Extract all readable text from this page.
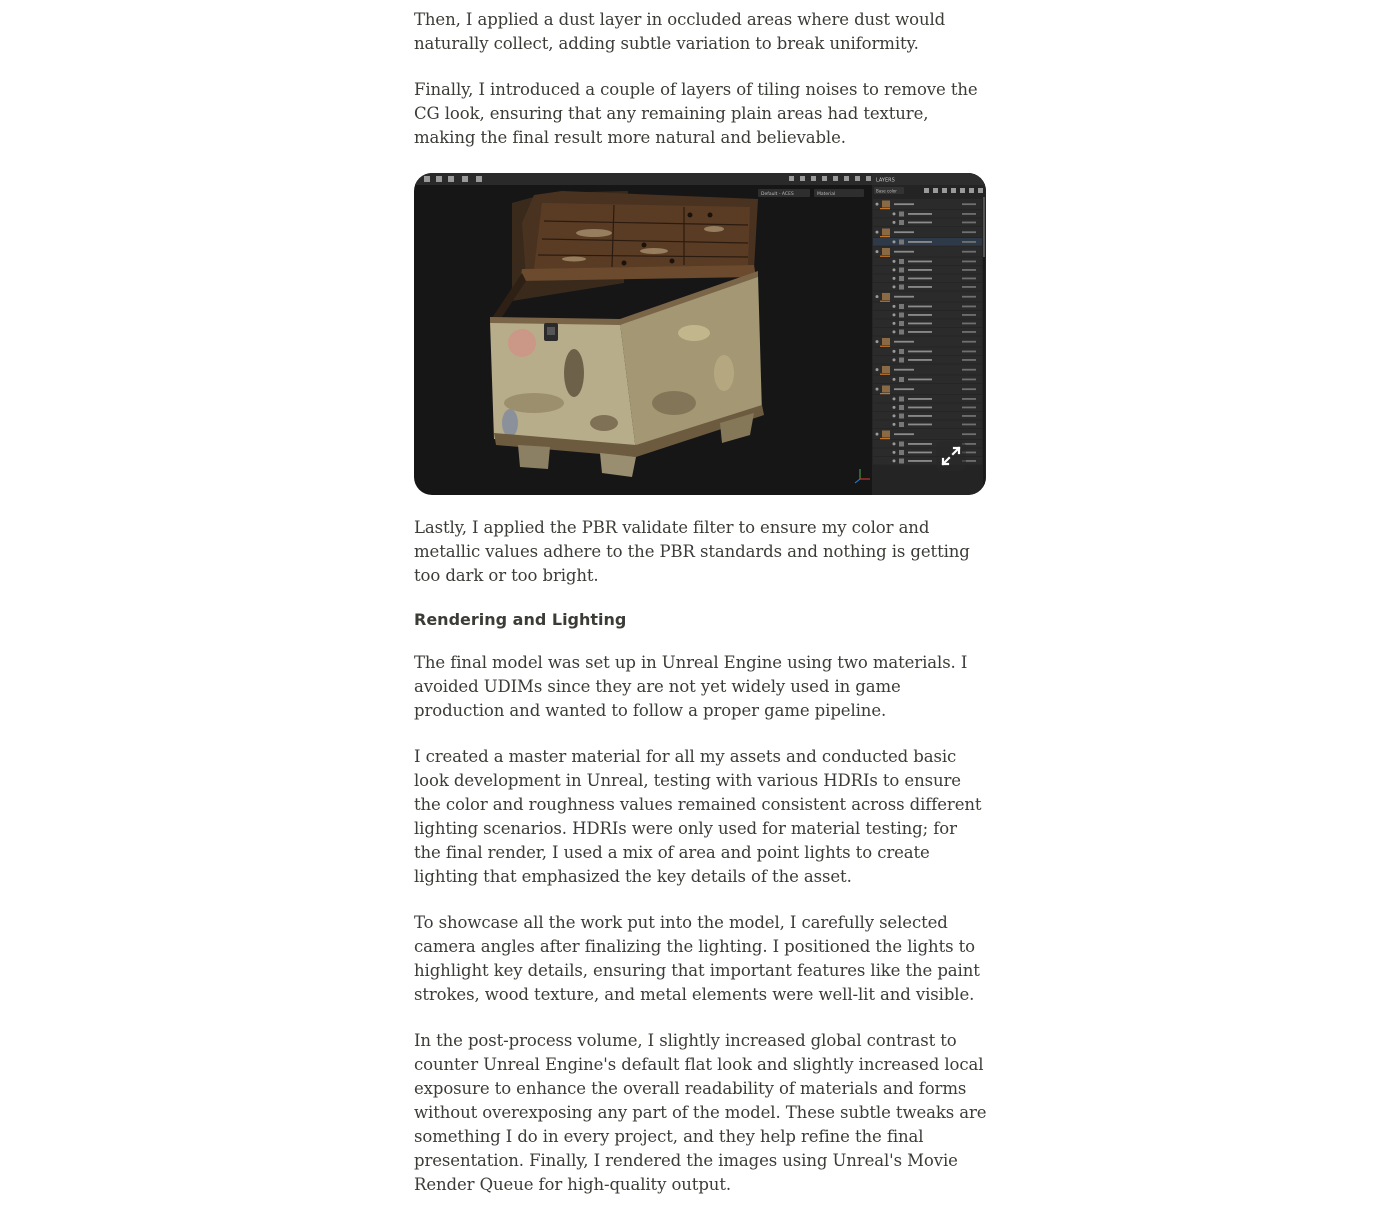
Then, I applied a dust layer in occluded areas where dust would naturally collect, adding subtle variation to break uniformity.

Finally, I introduced a couple of layers of tiling noises to remove the CG look, ensuring that any remaining plain areas had texture, making the final result more natural and believable.

Default - ACES	Material
LAYERS
Base color

Lastly, I applied the PBR validate filter to ensure my color and metallic values adhere to the PBR standards and nothing is getting too dark or too bright.

Rendering and Lighting

The final model was set up in Unreal Engine using two materials. I avoided UDIMs since they are not yet widely used in game production and wanted to follow a proper game pipeline.

I created a master material for all my assets and conducted basic look development in Unreal, testing with various HDRIs to ensure the color and roughness values remained consistent across different lighting scenarios. HDRIs were only used for material testing; for the final render, I used a mix of area and point lights to create lighting that emphasized the key details of the asset.

To showcase all the work put into the model, I carefully selected camera angles after finalizing the lighting. I positioned the lights to highlight key details, ensuring that important features like the paint strokes, wood texture, and metal elements were well-lit and visible.

In the post-process volume, I slightly increased global contrast to counter Unreal Engine's default flat look and slightly increased local exposure to enhance the overall readability of materials and forms without overexposing any part of the model. These subtle tweaks are something I do in every project, and they help refine the final presentation. Finally, I rendered the images using Unreal's Movie Render Queue for high-quality output.
